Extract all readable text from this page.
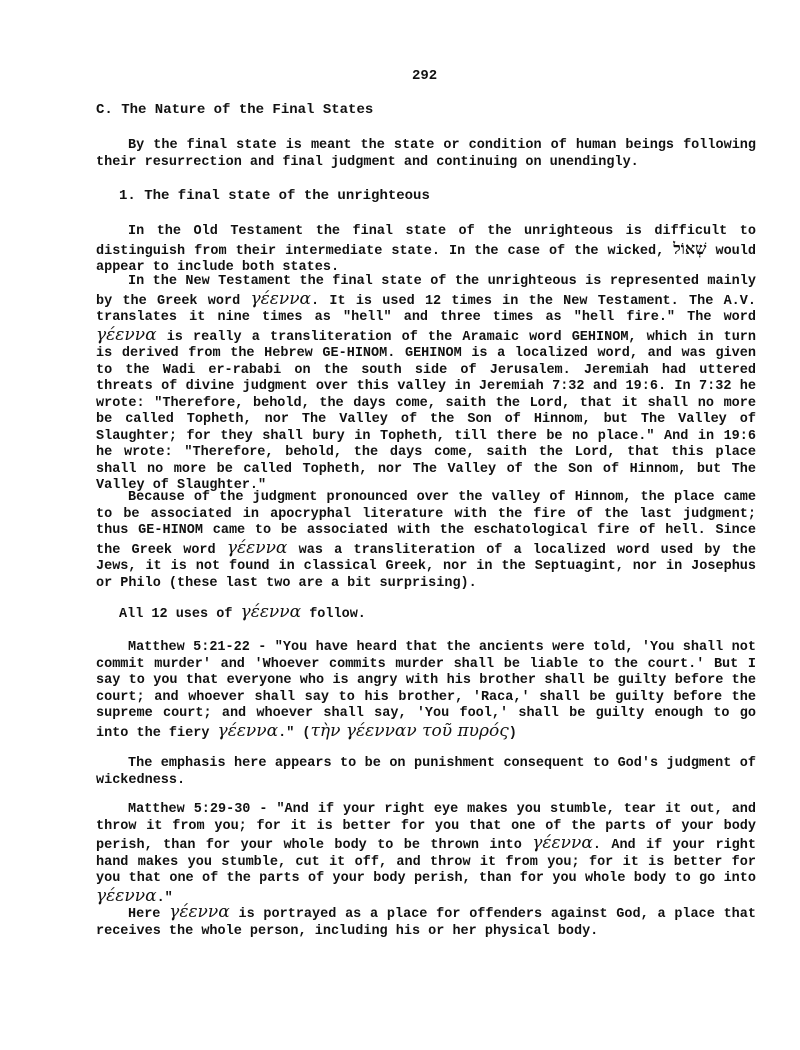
292
C. The Nature of the Final States

By the final state is meant the state or condition of human beings following their resurrection and final judgment and continuing on unendingly.

1. The final state of the unrighteous

In the Old Testament the final state of the unrighteous is difficult to distinguish from their intermediate state. In the case of the wicked, שְׁאוֹל would appear to include both states.

In the New Testament the final state of the unrighteous is represented mainly by the Greek word γέεννα. It is used 12 times in the New Testament. The A.V. translates it nine times as "hell" and three times as "hell fire." The word γέεννα is really a transliteration of the Aramaic word GEHINOM, which in turn is derived from the Hebrew GE-HINOM. GEHINOM is a localized word, and was given to the Wadi er-rababi on the south side of Jerusalem. Jeremiah had uttered threats of divine judgment over this valley in Jeremiah 7:32 and 19:6. In 7:32 he wrote: "Therefore, behold, the days come, saith the Lord, that it shall no more be called Topheth, nor The Valley of the Son of Hinnom, but The Valley of Slaughter; for they shall bury in Topheth, till there be no place." And in 19:6 he wrote: "Therefore, behold, the days come, saith the Lord, that this place shall no more be called Topheth, nor The Valley of the Son of Hinnom, but The Valley of Slaughter."

Because of the judgment pronounced over the valley of Hinnom, the place came to be associated in apocryphal literature with the fire of the last judgment; thus GE-HINOM came to be associated with the eschatological fire of hell. Since the Greek word γέεννα was a transliteration of a localized word used by the Jews, it is not found in classical Greek, nor in the Septuagint, nor in Josephus or Philo (these last two are a bit surprising).

All 12 uses of γέεννα follow.

Matthew 5:21-22 - "You have heard that the ancients were told, 'You shall not commit murder' and 'Whoever commits murder shall be liable to the court.' But I say to you that everyone who is angry with his brother shall be guilty before the court; and whoever shall say to his brother, 'Raca,' shall be guilty before the supreme court; and whoever shall say, 'You fool,' shall be guilty enough to go into the fiery γέεννα." (τὴν γέενναν τοῦ πυρός)

The emphasis here appears to be on punishment consequent to God's judgment of wickedness.

Matthew 5:29-30 - "And if your right eye makes you stumble, tear it out, and throw it from you; for it is better for you that one of the parts of your body perish, than for your whole body to be thrown into γέεννα. And if your right hand makes you stumble, cut it off, and throw it from you; for it is better for you that one of the parts of your body perish, than for you whole body to go into γέεννα."

Here γέεννα is portrayed as a place for offenders against God, a place that receives the whole person, including his or her physical body.
